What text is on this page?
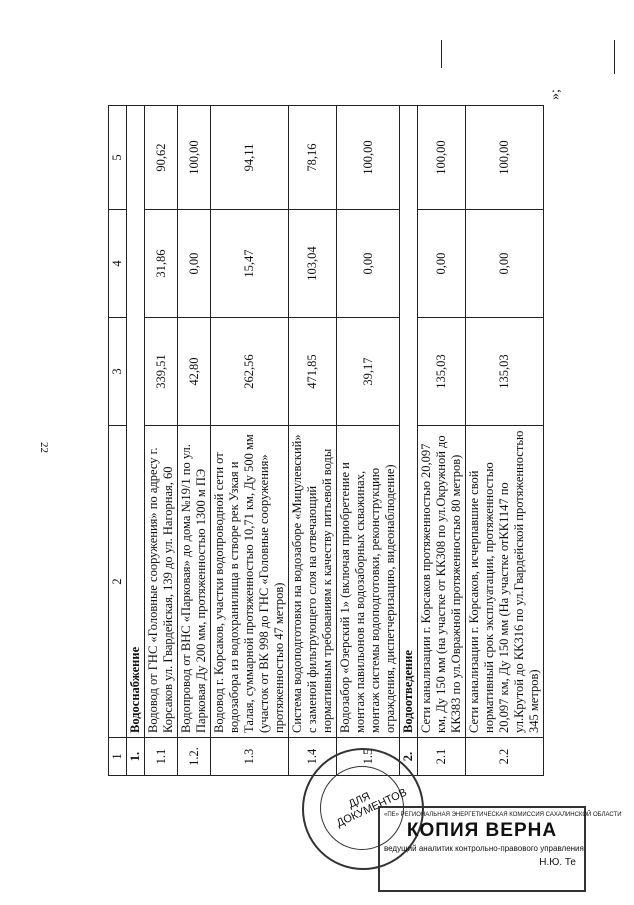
22
1	2	3	4	5
1.	Водоснабжение			
1.1	Водовод от ГНС «Головные сооружения» по адресу г. Корсаков ул. Гвардейская, 139 до ул. Нагорная, 60	339,51	31,86	90,62
1.2.	Водопровод от ВНС «Парковая» до дома №19/1 по ул. Парковая Ду 200 мм, протяженностью 1300 м ПЭ	42,80	0,00	100,00
1.3	Водовод г. Корсаков, участки водопроводной сети от водозабора из водохранилища в створе рек Узкая и Талая, суммарной протяженностью 10,71 км, Ду 500 мм (участок от ВК 998 до ГНС «Головные сооружения» протяженностью 47 метров)	262,56	15,47	94,11
1.4	Система водоподготовки на водозаборе «Мицулевский» с заменой фильтрующего слоя на отвечающий нормативным требованиям к качеству питьевой воды	471,85	103,04	78,16
1.5	Водозабор «Озерский 1» (включая приобретение и монтаж павильонов на водозаборных скважинах, монтаж системы водоподготовки, реконструкцию ограждения, диспетчеризацию, видеонаблюдение)	39,17	0,00	100,00
2.	Водоотведение			
2.1	Сети канализации г. Корсаков протяженностью 20,097 км, Ду 150 мм (на участке от КК308 по ул.Окружной до КК383 по ул.Овражной протяженностью 80 метров)	135,03	0,00	100,00
2.2	Сети канализации г. Корсаков, исчерпавшие свой нормативный срок эксплуатации, протяженностью 20,097 км, Ду 150 мм (На участке отКК1147 по ул.Крутой до КК316 по ул.Гвардейской протяженностью 345 метров)	135,03	0,00	100,00
»;
ДЛЯ ДОКУМЕНТОВ
«ПЕ» РЕГИОНАЛЬНАЯ ЭНЕРГЕТИЧЕСКАЯ КОМИССИЯ САХАЛИНСКОЙ ОБЛАСТИ
КОПИЯ ВЕРНА
ведущий аналитик контрольно-правового управления
Н.Ю. Те
